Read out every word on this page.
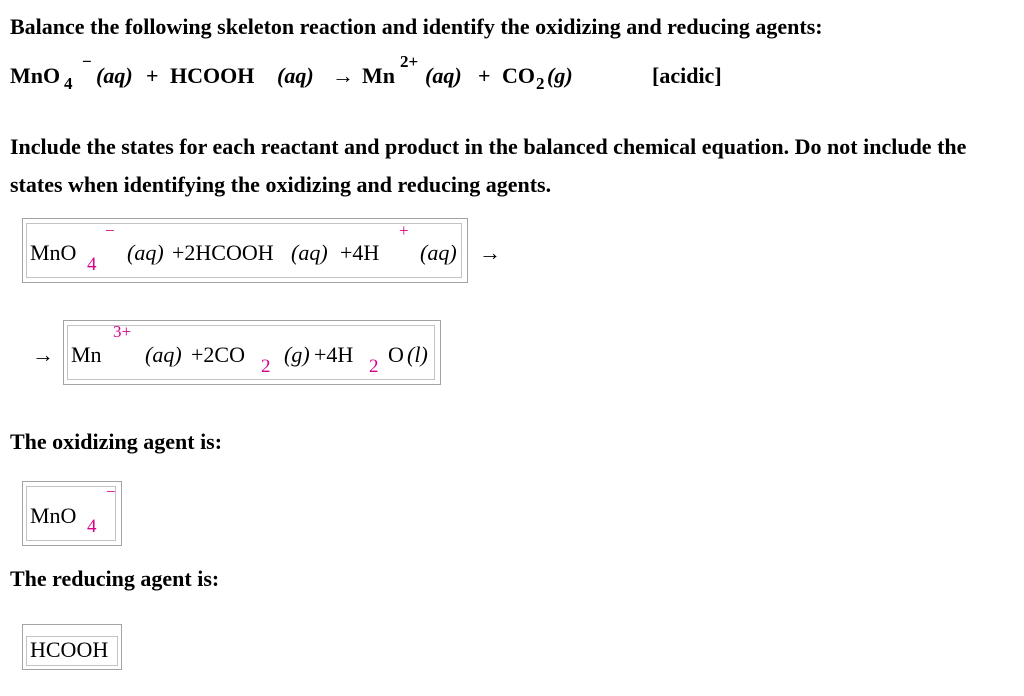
Balance the following skeleton reaction and identify the oxidizing and reducing agents:
MnO 4
−
(aq) + HCOOH (aq) → Mn
2+
(aq) + CO 2 (g)	[acidic]
Include the states for each reactant and product in the balanced chemical equation. Do not include the states when identifying the oxidizing and reducing agents.
MnO 4
−
(aq) +2HCOOH (aq) +4H
+
(aq) →
→ Mn
3+
(aq) +2CO 2 (g) +4H 2 O (l)
The oxidizing agent is:
MnO 4
−
The reducing agent is:
HCOOH
